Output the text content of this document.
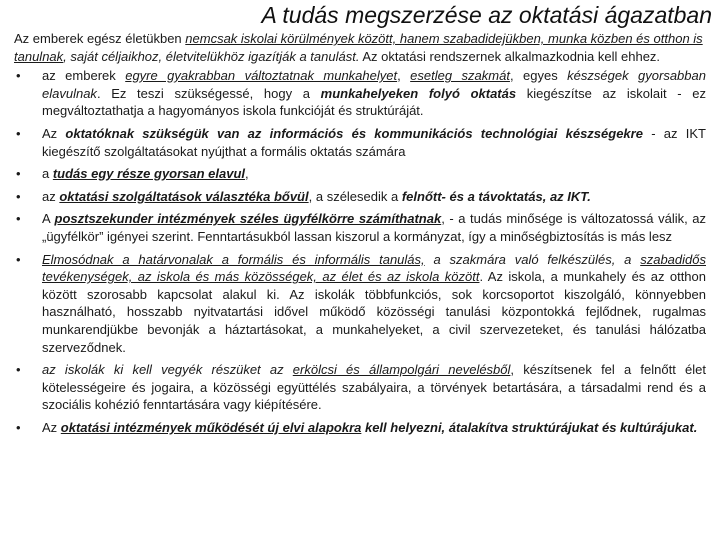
A tudás megszerzése az oktatási ágazatban

Az emberek egész életükben nemcsak iskolai körülmények között, hanem szabadidejükben, munka közben és otthon is tanulnak, saját céljaikhoz, életvitelükhöz igazítják a tanulást. Az oktatási rendszernek alkalmazkodnia kell ehhez.

• az emberek egyre gyakrabban változtatnak munkahelyet, esetleg szakmát, egyes készségek gyorsabban elavulnak. Ez teszi szükségessé, hogy a munkahelyeken folyó oktatás kiegészítse az iskolait - ez megváltoztathatja a hagyományos iskola funkcióját és struktúráját.
• Az oktatóknak szükségük van az információs és kommunikációs technológiai készségekre - az IKT kiegészítő szolgáltatásokat nyújthat a formális oktatás számára
• a tudás egy része gyorsan elavul,
• az oktatási szolgáltatások választéka bővül, a szélesedik a felnőtt- és a távoktatás, az IKT.
• A posztszekunder intézmények széles ügyfélkörre számíthatnak, - a tudás minősége is változatossá válik, az „ügyfélkör” igényei szerint. Fenntartásukból lassan kiszorul a kormányzat, így a minőségbiztosítás is más lesz
• Elmosódnak a határvonalak a formális és informális tanulás, a szakmára való felkészülés, a szabadidős tevékenységek, az iskola és más közösségek, az élet és az iskola között. Az iskola, a munkahely és az otthon között szorosabb kapcsolat alakul ki. Az iskolák többfunkciós, sok korcsoportot kiszolgáló, könnyebben használható, hosszabb nyitvatartási idővel működő közösségi tanulási központokká fejlődnek, rugalmas munkarendjükbe bevonják a háztartásokat, a munkahelyeket, a civil szervezeteket, és tanulási hálózatba szerveződnek.
• az iskolák ki kell vegyék részüket az erkölcsi és állampolgári nevelésből, készítsenek fel a felnőtt élet kötelességeire és jogaira, a közösségi együttélés szabályaira, a törvények betartására, a társadalmi rend és a szociális kohézió fenntartására vagy kiépítésére.
• Az oktatási intézmények működését új elvi alapokra kell helyezni, átalakítva struktúrájukat és kultúrájukat.
